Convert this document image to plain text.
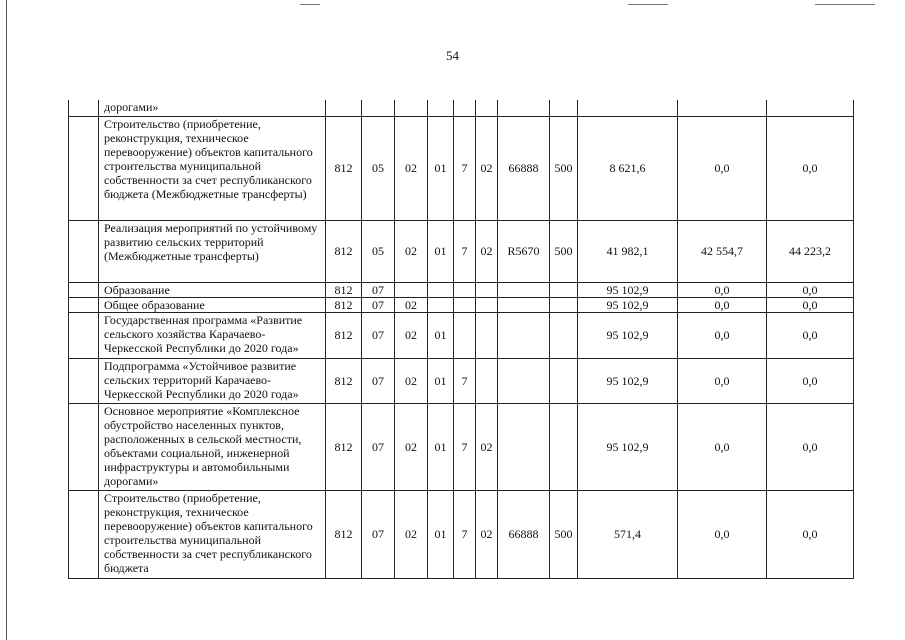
54
	дорогами»											
	Строительство (приобретение, реконструкция, техническое перевооружение) объектов капитального строительства муниципальной собственности за счет республиканского бюджета (Межбюджетные трансферты)	812	05	02	01	7	02	66888	500	8 621,6	0,0	0,0
	Реализация мероприятий по устойчивому развитию сельских территорий (Межбюджетные трансферты)	812	05	02	01	7	02	R5670	500	41 982,1	42 554,7	44 223,2
	Образование	812	07							95 102,9	0,0	0,0
	Общее образование	812	07	02						95 102,9	0,0	0,0
	Государственная программа «Развитие сельского хозяйства Карачаево-Черкесской Республики до 2020 года»	812	07	02	01					95 102,9	0,0	0,0
	Подпрограмма «Устойчивое развитие сельских территорий Карачаево-Черкесской Республики до 2020 года»	812	07	02	01	7				95 102,9	0,0	0,0
	Основное мероприятие «Комплексное обустройство населенных пунктов, расположенных в сельской местности, объектами социальной, инженерной инфраструктуры и автомобильными дорогами»	812	07	02	01	7	02			95 102,9	0,0	0,0
	Строительство (приобретение, реконструкция, техническое перевооружение) объектов капитального строительства муниципальной собственности за счет республиканского бюджета	812	07	02	01	7	02	66888	500	571,4	0,0	0,0
